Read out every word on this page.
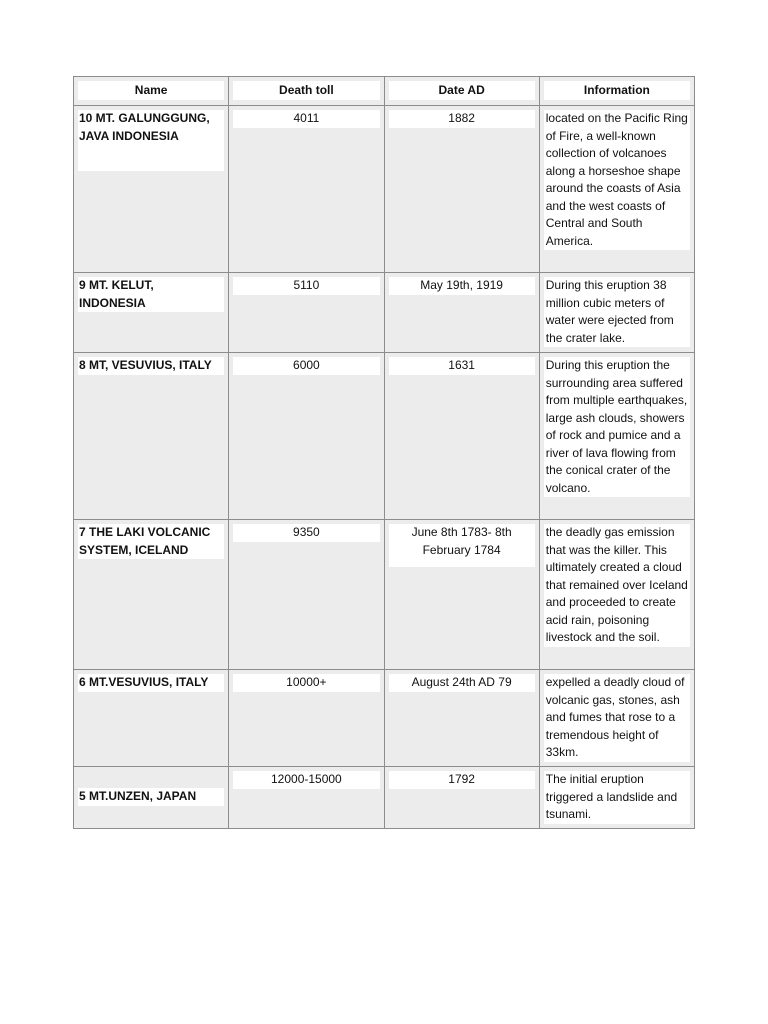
Name	Death toll	Date AD	Information

10 MT. GALUNGGUNG, JAVA INDONESIA	4011	1882	located on the Pacific Ring of Fire, a well-known collection of volcanoes along a horseshoe shape around the coasts of Asia and the west coasts of Central and South America.

9 MT. KELUT, INDONESIA	5110	May 19th, 1919	During this eruption 38 million cubic meters of water were ejected from the crater lake.

8 MT, VESUVIUS, ITALY	6000	1631	During this eruption the surrounding area suffered from multiple earthquakes, large ash clouds, showers of rock and pumice and a river of lava flowing from the conical crater of the volcano.

7 THE LAKI VOLCANIC SYSTEM, ICELAND	9350	June 8th 1783- 8th February 1784	the deadly gas emission that was the killer. This ultimately created a cloud that remained over Iceland and proceeded to create acid rain, poisoning livestock and the soil.

6 MT.VESUVIUS, ITALY	10000+	August 24th AD 79	expelled a deadly cloud of volcanic gas, stones, ash and fumes that rose to a tremendous height of 33km.

5 MT.UNZEN, JAPAN	12000-15000	1792	The initial eruption triggered a landslide and tsunami.
